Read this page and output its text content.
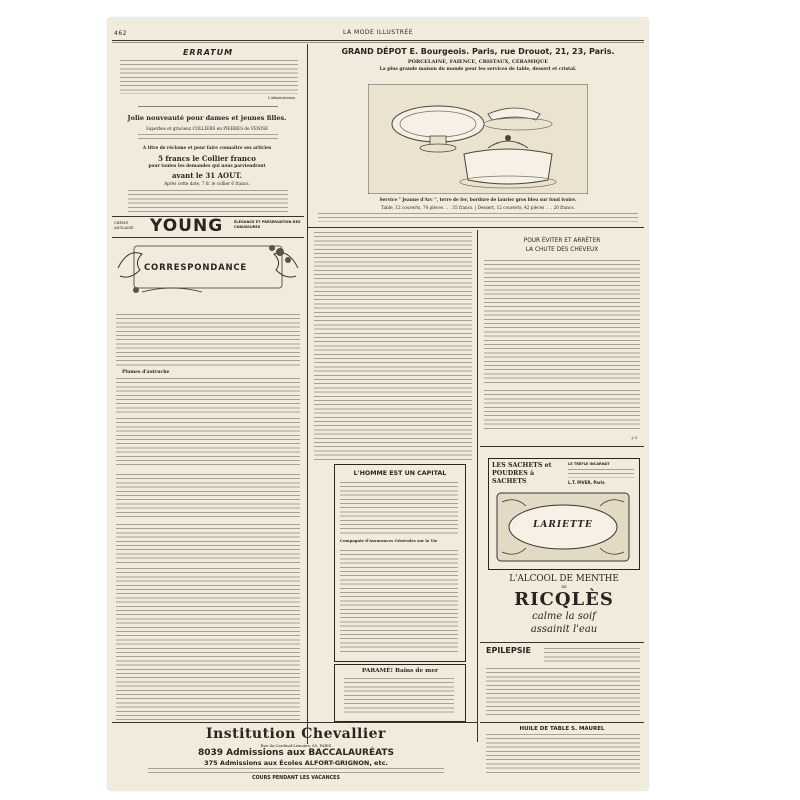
462	LA MODE ILLUSTRÉE
ERRATUM
L'Administration.
Jolie nouveauté pour dames et jeunes filles.
Superbes et gracieux COLLIERS en PIERRES de VENISE
A titre de réclame et pour faire connaître ses articles
5 francs le Collier franco
pour toutes les demandes qui nous parviendront
avant le 31 AOUT.
Après cette date, 7 fr. le collier 6 francs.
CRÈME ANGLAISE YOUNG	ÉLÉGANCE ET PRÉSERVATION DES CHAUSSURES
CORRESPONDANCE
Plumes d'autruche
GRAND DÉPOT E. Bourgeois. Paris, rue Drouot, 21, 23, Paris.
PORCELAINE, FAIENCE, CRISTAUX, CÉRAMIQUE
La plus grande maison du monde pour les services de table, dessert et cristal.
Service " Jeanne d'Arc ", terre de fer, bordure de laurier gros bleu sur fond ivoire.
Table, 12 couverts, 74 pièces . . . 35 francs. | Dessert, 12 couverts, 42 pièces . . . 20 francs.
POUR ÉVITER ET ARRÊTER
LA CHUTE DES CHEVEUX
J. G.
L'HOMME EST UN CAPITAL
Compagnie d'Assurances Générales sur la Vie
PARAMÉ! Bains de mer
LES SACHETS et POUDRES à SACHETS
LE TRÈFLE INCARNAT
L.T. PIVER, Paris
LARIETTE
L'ALCOOL DE MENTHE
DE
RICQLÈS
calme la soif
assainit l'eau
EPILEPSIE
Institution Chevallier
Rue du Cardinal-Lemoine, 65, PARIS
8039 Admissions aux BACCALAURÉATS
375 Admissions aux Écoles ALFORT-GRIGNON, etc.
COURS PENDANT LES VACANCES
HUILE DE TABLE S. MAUREL
